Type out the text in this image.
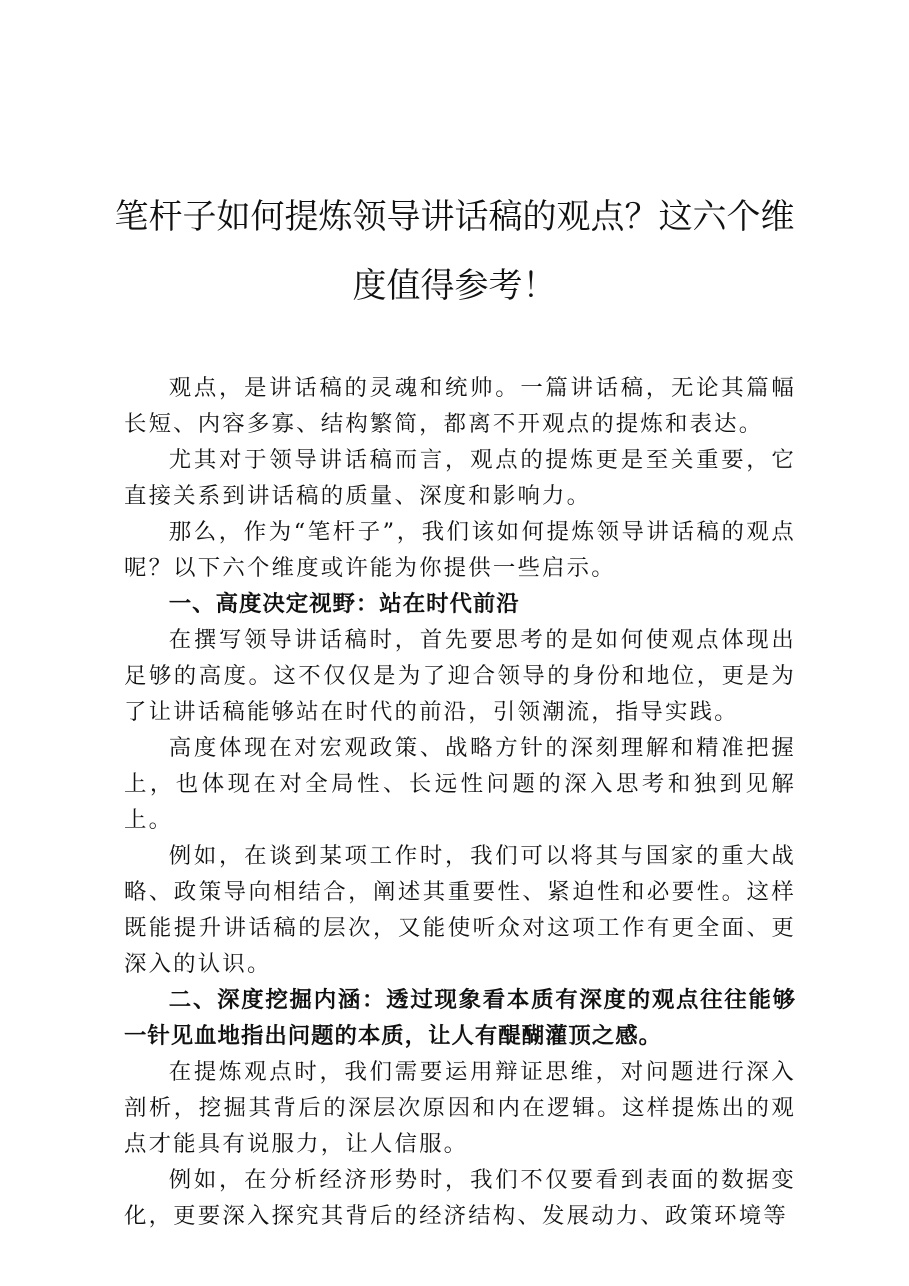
笔杆子如何提炼领导讲话稿的观点？这六个维
度值得参考！

观点，是讲话稿的灵魂和统帅。一篇讲话稿，无论其篇幅长短、内容多寡、结构繁简，都离不开观点的提炼和表达。

尤其对于领导讲话稿而言，观点的提炼更是至关重要，它直接关系到讲话稿的质量、深度和影响力。

那么，作为“笔杆子”，我们该如何提炼领导讲话稿的观点呢？以下六个维度或许能为你提供一些启示。

一、高度决定视野：站在时代前沿

在撰写领导讲话稿时，首先要思考的是如何使观点体现出足够的高度。这不仅仅是为了迎合领导的身份和地位，更是为了让讲话稿能够站在时代的前沿，引领潮流，指导实践。

高度体现在对宏观政策、战略方针的深刻理解和精准把握上，也体现在对全局性、长远性问题的深入思考和独到见解上。

例如，在谈到某项工作时，我们可以将其与国家的重大战略、政策导向相结合，阐述其重要性、紧迫性和必要性。这样既能提升讲话稿的层次，又能使听众对这项工作有更全面、更深入的认识。

二、深度挖掘内涵：透过现象看本质有深度的观点往往能够一针见血地指出问题的本质，让人有醍醐灌顶之感。

在提炼观点时，我们需要运用辩证思维，对问题进行深入剖析，挖掘其背后的深层次原因和内在逻辑。这样提炼出的观点才能具有说服力，让人信服。

例如，在分析经济形势时，我们不仅要看到表面的数据变化，更要深入探究其背后的经济结构、发展动力、政策环境等
